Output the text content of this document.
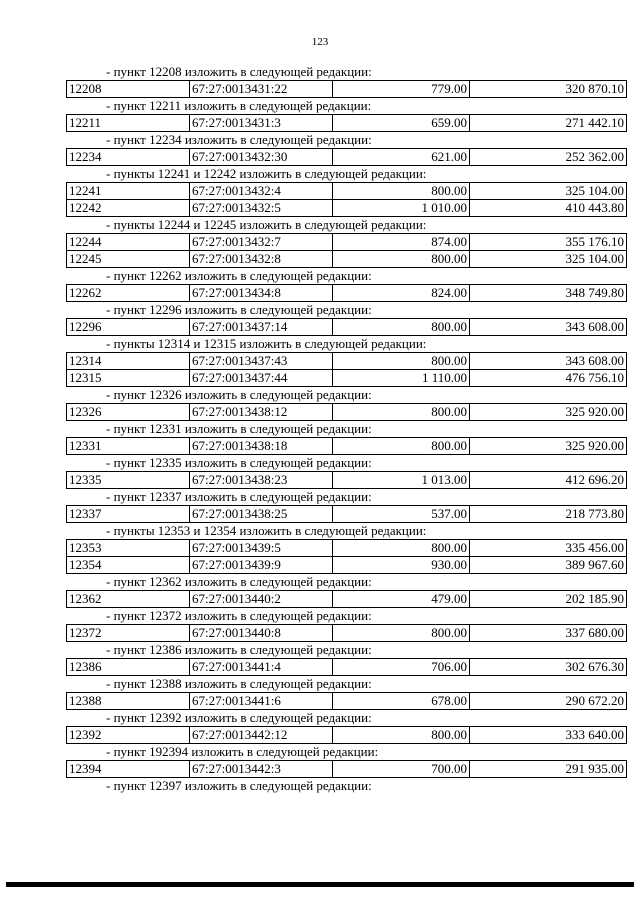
123
- пункт 12208 изложить в следующей редакции:
12208	67:27:0013431:22	779.00	320 870.10
- пункт 12211 изложить в следующей редакции:
12211	67:27:0013431:3	659.00	271 442.10
- пункт 12234 изложить в следующей редакции:
12234	67:27:0013432:30	621.00	252 362.00
- пункты 12241 и 12242 изложить в следующей редакции:
12241	67:27:0013432:4	800.00	325 104.00
12242	67:27:0013432:5	1 010.00	410 443.80
- пункты 12244 и 12245 изложить в следующей редакции:
12244	67:27:0013432:7	874.00	355 176.10
12245	67:27:0013432:8	800.00	325 104.00
- пункт 12262 изложить в следующей редакции:
12262	67:27:0013434:8	824.00	348 749.80
- пункт 12296 изложить в следующей редакции:
12296	67:27:0013437:14	800.00	343 608.00
- пункты 12314 и 12315 изложить в следующей редакции:
12314	67:27:0013437:43	800.00	343 608.00
12315	67:27:0013437:44	1 110.00	476 756.10
- пункт 12326 изложить в следующей редакции:
12326	67:27:0013438:12	800.00	325 920.00
- пункт 12331 изложить в следующей редакции:
12331	67:27:0013438:18	800.00	325 920.00
- пункт 12335 изложить в следующей редакции:
12335	67:27:0013438:23	1 013.00	412 696.20
- пункт 12337 изложить в следующей редакции:
12337	67:27:0013438:25	537.00	218 773.80
- пункты 12353 и 12354 изложить в следующей редакции:
12353	67:27:0013439:5	800.00	335 456.00
12354	67:27:0013439:9	930.00	389 967.60
- пункт 12362 изложить в следующей редакции:
12362	67:27:0013440:2	479.00	202 185.90
- пункт 12372 изложить в следующей редакции:
12372	67:27:0013440:8	800.00	337 680.00
- пункт 12386 изложить в следующей редакции:
12386	67:27:0013441:4	706.00	302 676.30
- пункт 12388 изложить в следующей редакции:
12388	67:27:0013441:6	678.00	290 672.20
- пункт 12392 изложить в следующей редакции:
12392	67:27:0013442:12	800.00	333 640.00
- пункт 192394 изложить в следующей редакции:
12394	67:27:0013442:3	700.00	291 935.00
- пункт 12397 изложить в следующей редакции:
